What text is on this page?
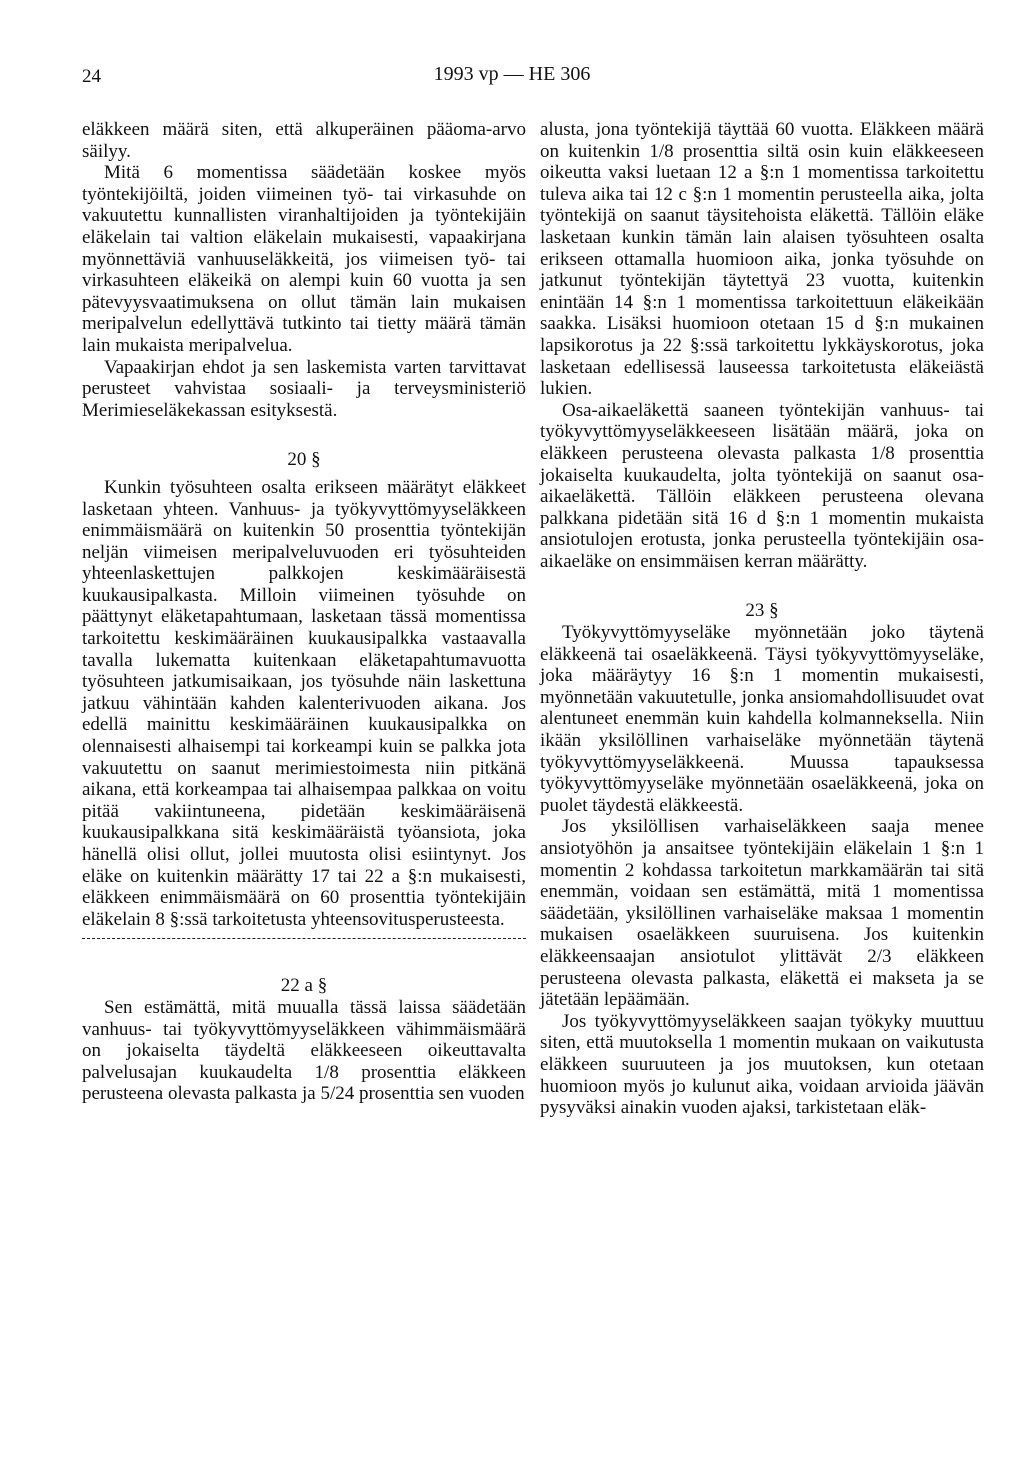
24	1993 vp — HE 306

eläkkeen määrä siten, että alkuperäinen pääoma-arvo säilyy.

Mitä 6 momentissa säädetään koskee myös työntekijöiltä, joiden viimeinen työ- tai virkasuhde on vakuutettu kunnallisten viranhaltijoiden ja työntekijäin eläkelain tai valtion eläkelain mukaisesti, vapaakirjana myönnettäviä vanhuuseläkkeitä, jos viimeisen työ- tai virkasuhteen eläkeikä on alempi kuin 60 vuotta ja sen pätevyysvaatimuksena on ollut tämän lain mukaisen meripalvelun edellyttävä tutkinto tai tietty määrä tämän lain mukaista meripalvelua.

Vapaakirjan ehdot ja sen laskemista varten tarvittavat perusteet vahvistaa sosiaali- ja terveysministeriö Merimieseläkekassan esityksestä.

20 §

Kunkin työsuhteen osalta erikseen määrätyt eläkkeet lasketaan yhteen. Vanhuus- ja työkyvyttömyyseläkkeen enimmäismäärä on kuitenkin 50 prosenttia työntekijän neljän viimeisen meripalveluvuoden eri työsuhteiden yhteenlaskettujen palkkojen keskimääräisestä kuukausipalkasta. Milloin viimeinen työsuhde on päättynyt eläketapahtumaan, lasketaan tässä momentissa tarkoitettu keskimääräinen kuukausipalkka vastaavalla tavalla lukematta kuitenkaan eläketapahtumavuotta työsuhteen jatkumisaikaan, jos työsuhde näin laskettuna jatkuu vähintään kahden kalenterivuoden aikana. Jos edellä mainittu keskimääräinen kuukausipalkka on olennaisesti alhaisempi tai korkeampi kuin se palkka jota vakuutettu on saanut merimiestoimesta niin pitkänä aikana, että korkeampaa tai alhaisempaa palkkaa on voitu pitää vakiintuneena, pidetään keskimääräisenä kuukausipalkkana sitä keskimääräistä työansiota, joka hänellä olisi ollut, jollei muutosta olisi esiintynyt. Jos eläke on kuitenkin määrätty 17 tai 22 a §:n mukaisesti, eläkkeen enimmäismäärä on 60 prosenttia työntekijäin eläkelain 8 §:ssä tarkoitetusta yhteensovitusperusteesta.

22 a §

Sen estämättä, mitä muualla tässä laissa säädetään vanhuus- tai työkyvyttömyyseläkkeen vähimmäismäärä on jokaiselta täydeltä eläkkeeseen oikeuttavalta palvelusajan kuukaudelta 1/8 prosenttia eläkkeen perusteena olevasta palkasta ja 5/24 prosenttia sen vuoden

alusta, jona työntekijä täyttää 60 vuotta. Eläkkeen määrä on kuitenkin 1/8 prosenttia siltä osin kuin eläkkeeseen oikeutta vaksi luetaan 12 a §:n 1 momentissa tarkoitettu tuleva aika tai 12 c §:n 1 momentin perusteella aika, jolta työntekijä on saanut täysitehoista eläkettä. Tällöin eläke lasketaan kunkin tämän lain alaisen työsuhteen osalta erikseen ottamalla huomioon aika, jonka työsuhde on jatkunut työntekijän täytettyä 23 vuotta, kuitenkin enintään 14 §:n 1 momentissa tarkoitettuun eläkeikään saakka. Lisäksi huomioon otetaan 15 d §:n mukainen lapsikorotus ja 22 §:ssä tarkoitettu lykkäyskorotus, joka lasketaan edellisessä lauseessa tarkoitetusta eläkeiästä lukien.

Osa-aikaeläkettä saaneen työntekijän vanhuus- tai työkyvyttömyyseläkkeeseen lisätään määrä, joka on eläkkeen perusteena olevasta palkasta 1/8 prosenttia jokaiselta kuukaudelta, jolta työntekijä on saanut osa-aikaeläkettä. Tällöin eläkkeen perusteena olevana palkkana pidetään sitä 16 d §:n 1 momentin mukaista ansiotulojen erotusta, jonka perusteella työntekijäin osa-aikaeläke on ensimmäisen kerran määrätty.

23 §

Työkyvyttömyyseläke myönnetään joko täytenä eläkkeenä tai osaeläkkeenä. Täysi työkyvyttömyyseläke, joka määräytyy 16 §:n 1 momentin mukaisesti, myönnetään vakuutetulle, jonka ansiomahdollisuudet ovat alentuneet enemmän kuin kahdella kolmanneksella. Niin ikään yksilöllinen varhaiseläke myönnetään täytenä työkyvyttömyyseläkkeenä. Muussa tapauksessa työkyvyttömyyseläke myönnetään osaeläkkeenä, joka on puolet täydestä eläkkeestä.

Jos yksilöllisen varhaiseläkkeen saaja menee ansiotyöhön ja ansaitsee työntekijäin eläkelain 1 §:n 1 momentin 2 kohdassa tarkoitetun markkamäärän tai sitä enemmän, voidaan sen estämättä, mitä 1 momentissa säädetään, yksilöllinen varhaiseläke maksaa 1 momentin mukaisen osaeläkkeen suuruisena. Jos kuitenkin eläkkeensaajan ansiotulot ylittävät 2/3 eläkkeen perusteena olevasta palkasta, eläkettä ei makseta ja se jätetään lepäämään.

Jos työkyvyttömyyseläkkeen saajan työkyky muuttuu siten, että muutoksella 1 momentin mukaan on vaikutusta eläkkeen suuruuteen ja jos muutoksen, kun otetaan huomioon myös jo kulunut aika, voidaan arvioida jäävän pysyväksi ainakin vuoden ajaksi, tarkistetaan eläk-
